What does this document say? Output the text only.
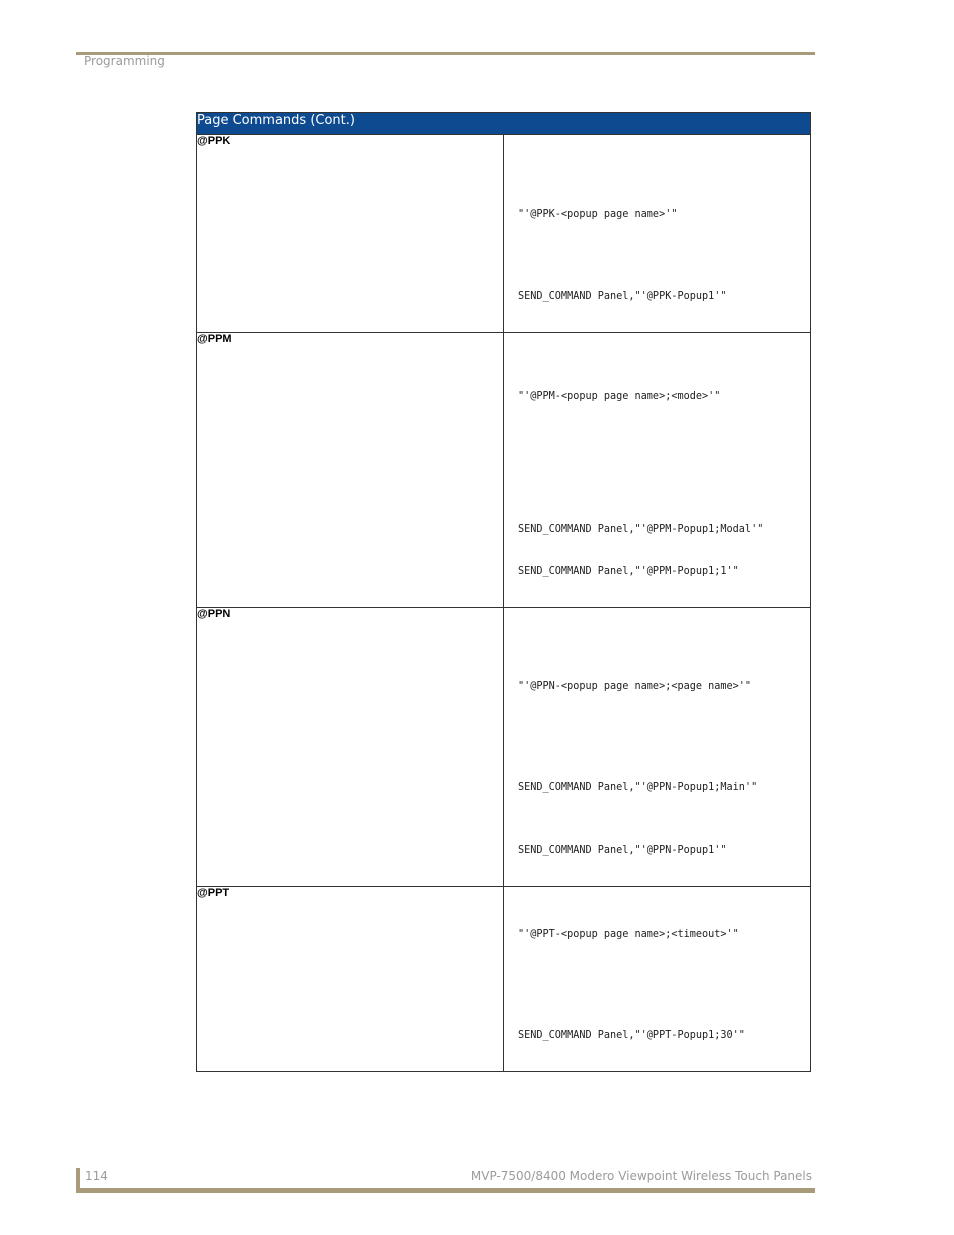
Programming
Page Commands (Cont.)	
@PPK	"'@PPK-<popup page name>'"
SEND_COMMAND Panel,"'@PPK-Popup1'"

@PPM	"'@PPM-<popup page name>;<mode>'"
SEND_COMMAND Panel,"'@PPM-Popup1;Modal'"
SEND_COMMAND Panel,"'@PPM-Popup1;1'"

@PPN	"'@PPN-<popup page name>;<page name>'"
SEND_COMMAND Panel,"'@PPN-Popup1;Main'"
SEND_COMMAND Panel,"'@PPN-Popup1'"

@PPT	"'@PPT-<popup page name>;<timeout>'"
SEND_COMMAND Panel,"'@PPT-Popup1;30'"
114	MVP-7500/8400 Modero Viewpoint Wireless Touch Panels
